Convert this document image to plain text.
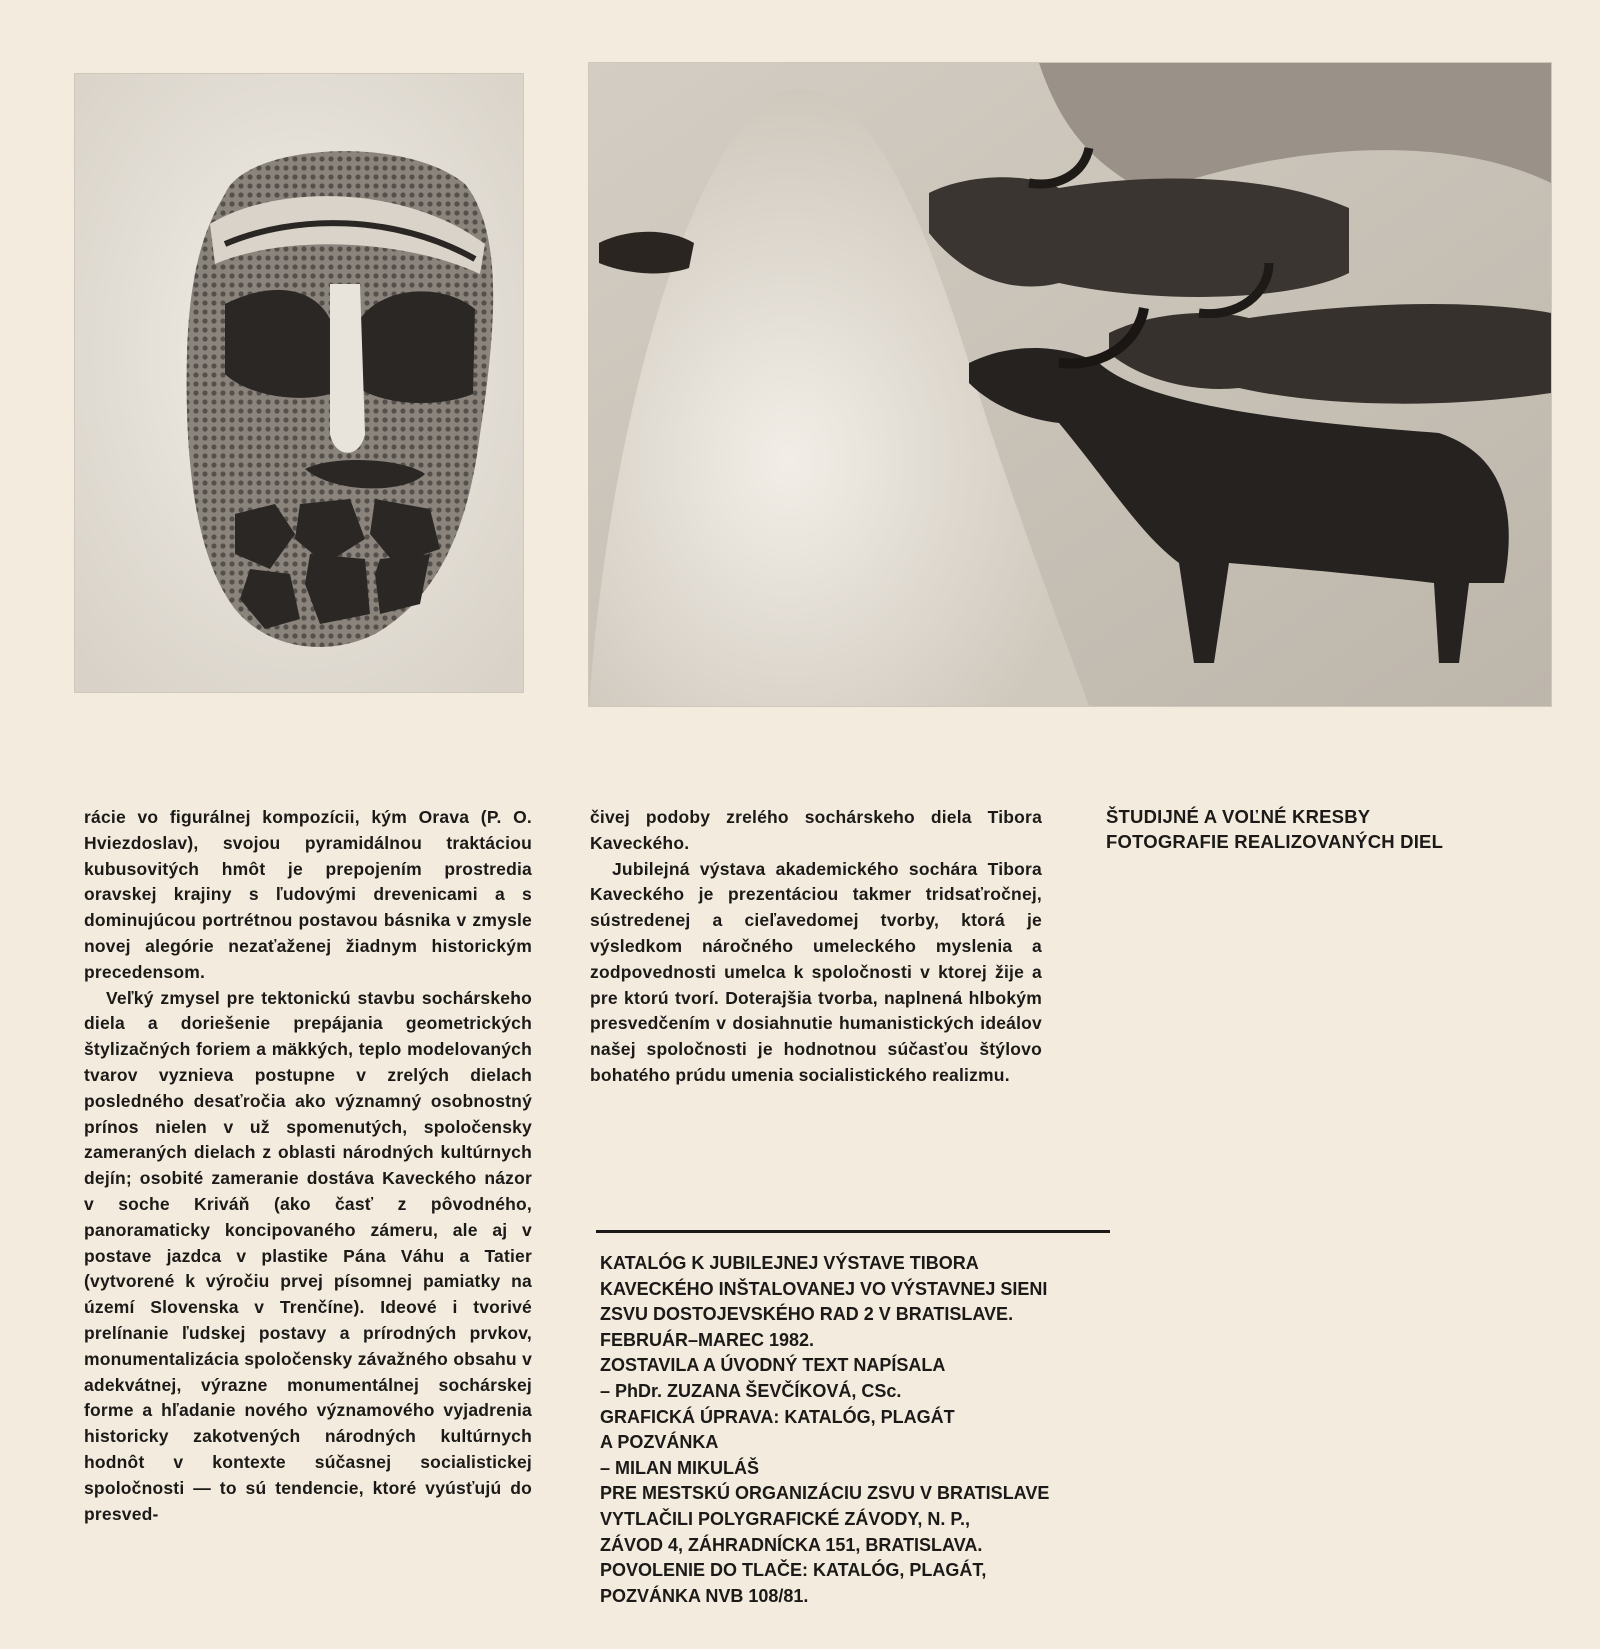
rácie vo figurálnej kompozícii, kým Orava (P. O. Hviezdoslav), svojou pyramidálnou traktáciou kubusovitých hmôt je prepojením prostredia oravskej krajiny s ľudovými drevenicami a s dominujúcou portrétnou postavou básnika v zmysle novej alegórie nezaťaženej žiadnym historickým precedensom.

Veľký zmysel pre tektonickú stavbu sochárskeho diela a doriešenie prepájania geometrických štylizačných foriem a mäkkých, teplo modelovaných tvarov vyznieva postupne v zrelých dielach posledného desaťročia ako významný osobnostný prínos nielen v už spomenutých, spoločensky zameraných dielach z oblasti národných kultúrnych dejín; osobité zameranie dostáva Kaveckého názor v soche Kriváň (ako časť z pôvodného, panoramaticky koncipovaného zámeru, ale aj v postave jazdca v plastike Pána Váhu a Tatier (vytvorené k výročiu prvej písomnej pamiatky na území Slovenska v Trenčíne). Ideové i tvorivé prelínanie ľudskej postavy a prírodných prvkov, monumentalizácia spoločensky závažného obsahu v adekvátnej, výrazne monumentálnej sochárskej forme a hľadanie nového významového vyjadrenia historicky zakotvených národných kultúrnych hodnôt v kontexte súčasnej socialistickej spoločnosti — to sú tendencie, ktoré vyúsťujú do presved-

čivej podoby zrelého sochárskeho diela Tibora Kaveckého.

Jubilejná výstava akademického sochára Tibora Kaveckého je prezentáciou takmer tridsaťročnej, sústredenej a cieľavedomej tvorby, ktorá je výsledkom náročného umeleckého myslenia a zodpovednosti umelca k spoločnosti v ktorej žije a pre ktorú tvorí. Doterajšia tvorba, naplnená hlbokým presvedčením v dosiahnutie humanistických ideálov našej spoločnosti je hodnotnou súčasťou štýlovo bohatého prúdu umenia socialistického realizmu.

ŠTUDIJNÉ A VOĽNÉ KRESBY
FOTOGRAFIE REALIZOVANÝCH DIEL
KATALÓG K JUBILEJNEJ VÝSTAVE TIBORA
KAVECKÉHO INŠTALOVANEJ VO VÝSTAVNEJ SIENI
ZSVU DOSTOJEVSKÉHO RAD 2 V BRATISLAVE.
FEBRUÁR–MAREC 1982.
ZOSTAVILA A ÚVODNÝ TEXT NAPÍSALA
– PhDr. ZUZANA ŠEVČÍKOVÁ, CSc.
GRAFICKÁ ÚPRAVA: KATALÓG, PLAGÁT
A POZVÁNKA
– MILAN MIKULÁŠ
PRE MESTSKÚ ORGANIZÁCIU ZSVU V BRATISLAVE
VYTLAČILI POLYGRAFICKÉ ZÁVODY, N. P.,
ZÁVOD 4, ZÁHRADNÍCKA 151, BRATISLAVA.
POVOLENIE DO TLAČE: KATALÓG, PLAGÁT,
POZVÁNKA NVB 108/81.
